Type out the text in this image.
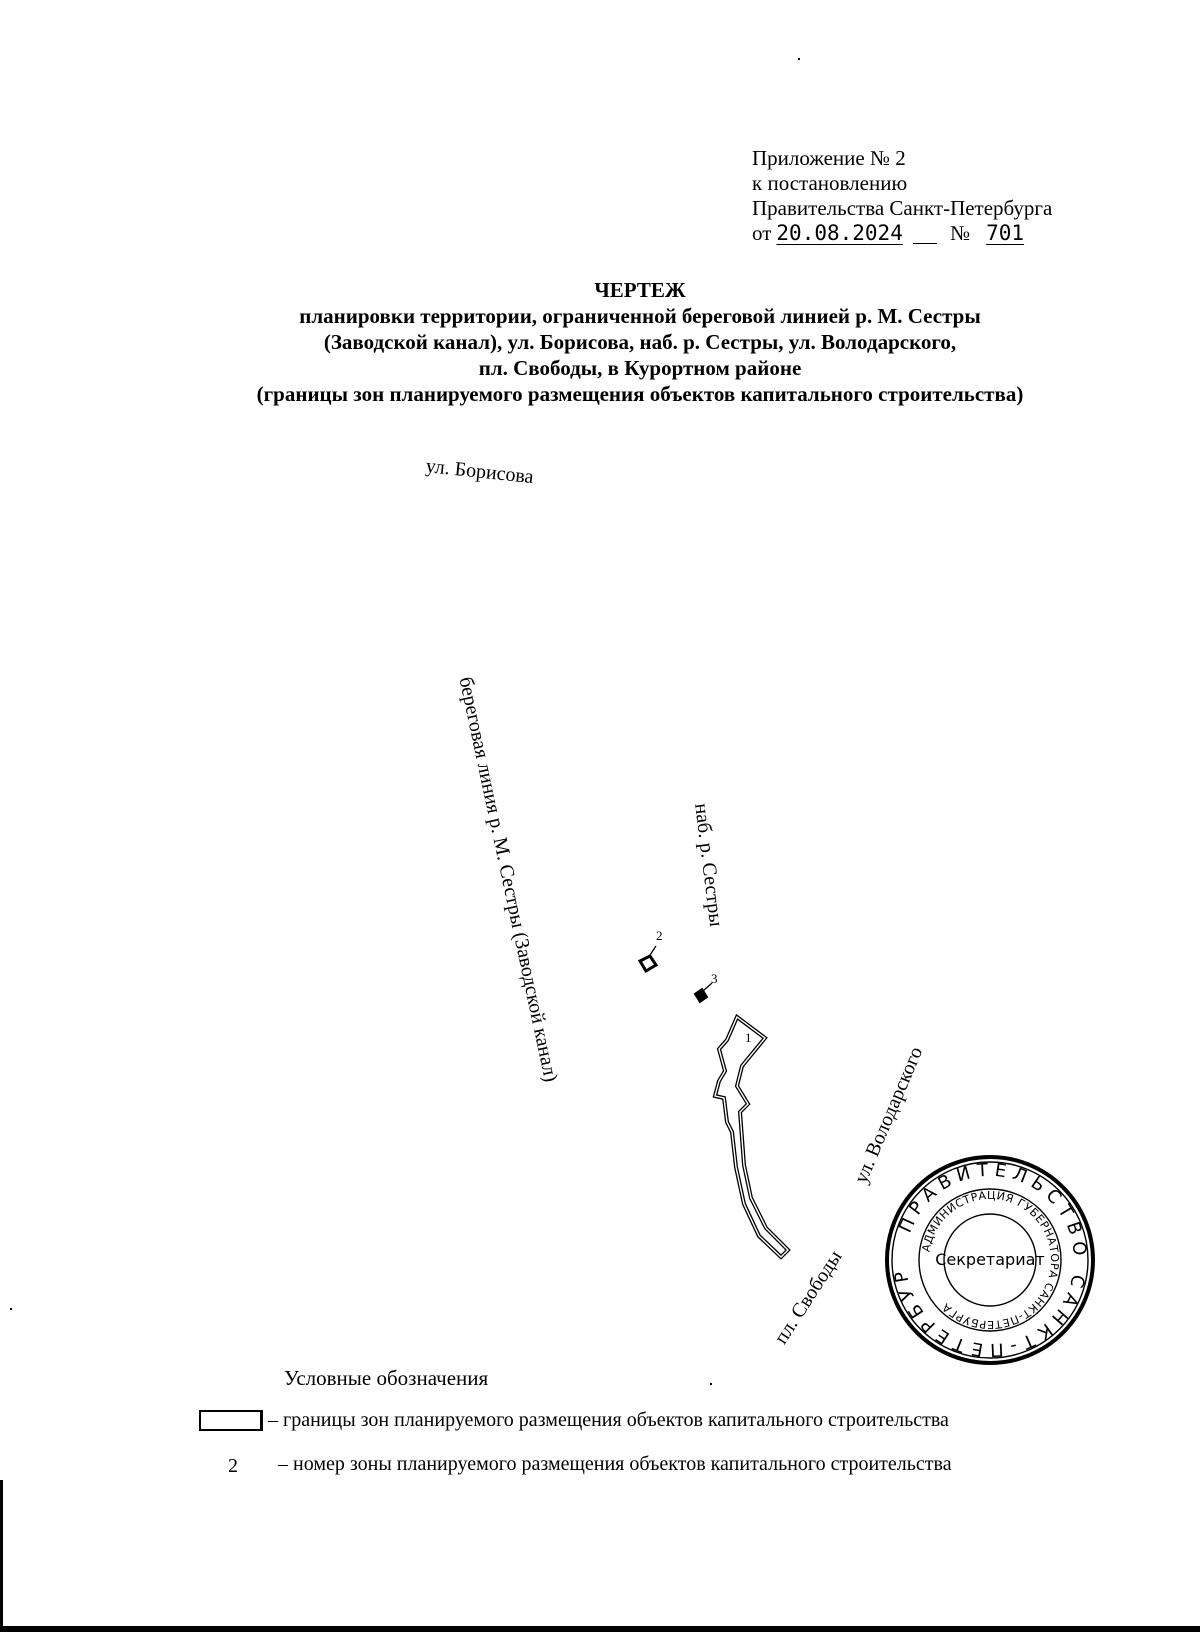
Приложение № 2
к постановлению
Правительства Санкт-Петербурга
от 20.08.2024 № 701
ЧЕРТЕЖ
планировки территории, ограниченной береговой линией р. М. Сестры
(Заводской канал), ул. Борисова, наб. р. Сестры, ул. Володарского,
пл. Свободы, в Курортном районе
(границы зон планируемого размещения объектов капитального строительства)
ул. Борисова
береговая линия р. М. Сестры (Заводской канал)	наб. р. Сестры
ул. Володарского
пл. Свободы
1
2
3
ПРАВИТЕЛЬСТВО САНКТ-ПЕТЕРБУР
АДМИНИСТРАЦИЯ ГУБЕРНАТОРА САНКТ-ПЕТЕРБУРГА
Секретариат
Условные обозначения
– границы зон планируемого размещения объектов капитального строительства
2 – номер зоны планируемого размещения объектов капитального строительства
